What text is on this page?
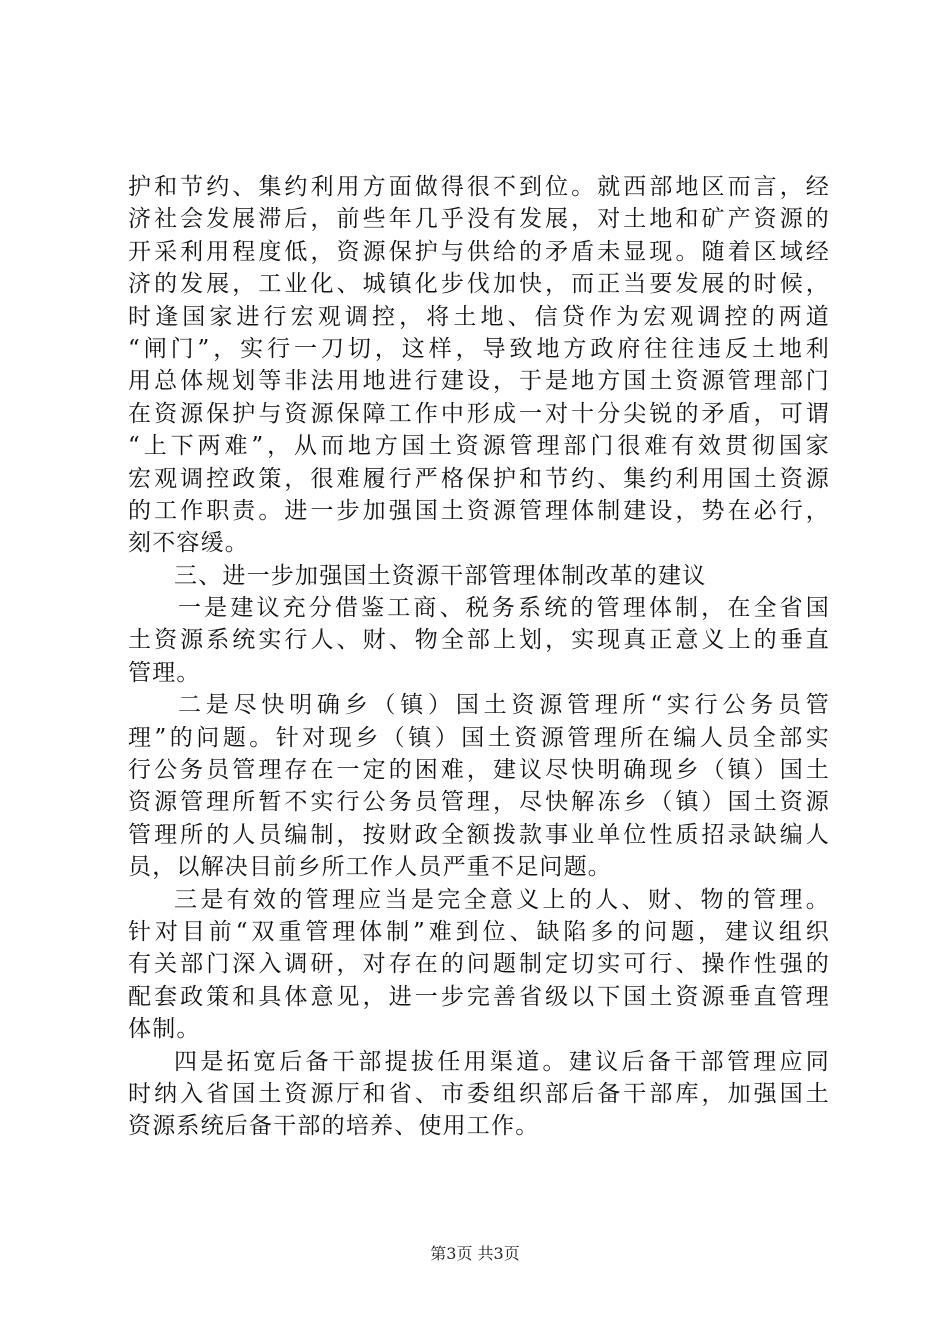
护和节约、集约利用方面做得很不到位。就西部地区而言，经
济社会发展滞后，前些年几乎没有发展，对土地和矿产资源的
开采利用程度低，资源保护与供给的矛盾未显现。随着区域经
济的发展，工业化、城镇化步伐加快，而正当要发展的时候，
时逢国家进行宏观调控，将土地、信贷作为宏观调控的两道
“闸门”，实行一刀切，这样，导致地方政府往往违反土地利
用总体规划等非法用地进行建设，于是地方国土资源管理部门
在资源保护与资源保障工作中形成一对十分尖锐的矛盾，可谓
“上下两难”，从而地方国土资源管理部门很难有效贯彻国家
宏观调控政策，很难履行严格保护和节约、集约利用国土资源
的工作职责。进一步加强国土资源管理体制建设，势在必行，
刻不容缓。
三、进一步加强国土资源干部管理体制改革的建议
一是建议充分借鉴工商、税务系统的管理体制，在全省国
土资源系统实行人、财、物全部上划，实现真正意义上的垂直
管理。
二是尽快明确乡（镇）国土资源管理所“实行公务员管
理”的问题。针对现乡（镇）国土资源管理所在编人员全部实
行公务员管理存在一定的困难，建议尽快明确现乡（镇）国土
资源管理所暂不实行公务员管理，尽快解冻乡（镇）国土资源
管理所的人员编制，按财政全额拨款事业单位性质招录缺编人
员，以解决目前乡所工作人员严重不足问题。
三是有效的管理应当是完全意义上的人、财、物的管理。
针对目前“双重管理体制”难到位、缺陷多的问题，建议组织
有关部门深入调研，对存在的问题制定切实可行、操作性强的
配套政策和具体意见，进一步完善省级以下国土资源垂直管理
体制。
四是拓宽后备干部提拔任用渠道。建议后备干部管理应同
时纳入省国土资源厅和省、市委组织部后备干部库，加强国土
资源系统后备干部的培养、使用工作。
第3页 共3页
